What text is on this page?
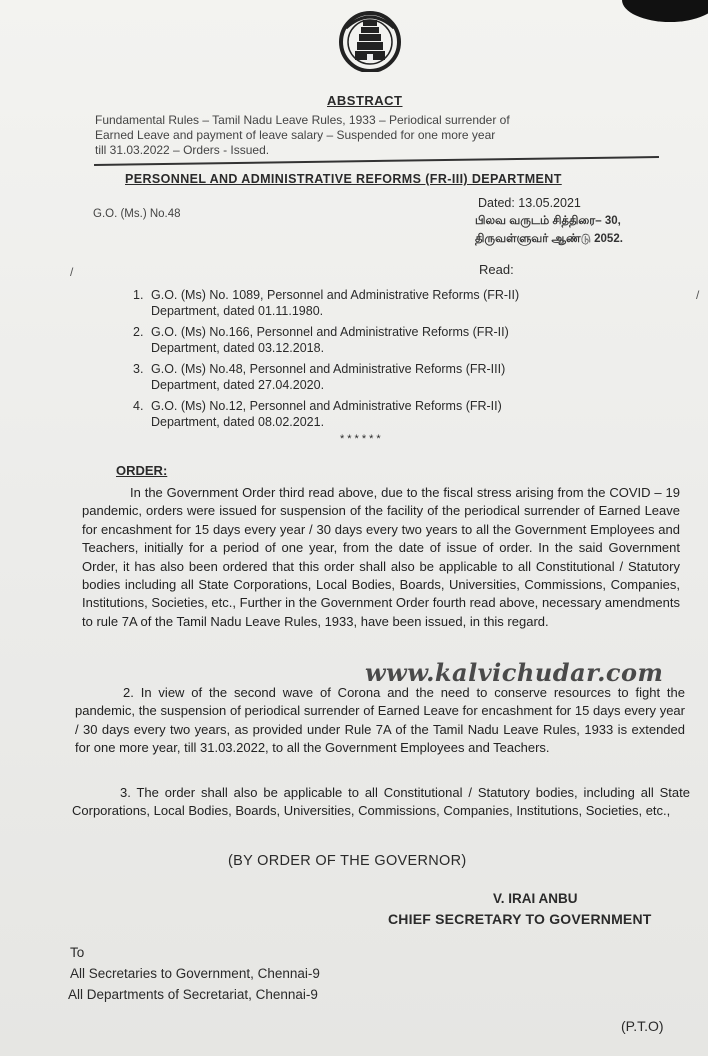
ABSTRACT
Fundamental Rules – Tamil Nadu Leave Rules, 1933 – Periodical surrender of
Earned Leave and payment of leave salary – Suspended for one more year
till 31.03.2022 – Orders - Issued.
PERSONNEL AND ADMINISTRATIVE REFORMS (FR-III) DEPARTMENT
G.O. (Ms.) No.48
Dated: 13.05.2021
பிலவ வருடம் சித்திரை– 30,
திருவள்ளுவர் ஆண்டு 2052.
Read:
1. G.O. (Ms) No. 1089, Personnel and Administrative Reforms (FR-II)
Department, dated 01.11.1980.
2. G.O. (Ms) No.166, Personnel and Administrative Reforms (FR-II)
Department, dated 03.12.2018.
3. G.O. (Ms) No.48, Personnel and Administrative Reforms (FR-III)
Department, dated 27.04.2020.
4. G.O. (Ms) No.12, Personnel and Administrative Reforms (FR-II)
Department, dated 08.02.2021.
******
ORDER:
In the Government Order third read above, due to the fiscal stress arising from the COVID – 19 pandemic, orders were issued for suspension of the facility of the periodical surrender of Earned Leave for encashment for 15 days every year / 30 days every two years to all the Government Employees and Teachers, initially for a period of one year, from the date of issue of order. In the said Government Order, it has also been ordered that this order shall also be applicable to all Constitutional / Statutory bodies including all State Corporations, Local Bodies, Boards, Universities, Commissions, Companies, Institutions, Societies, etc., Further in the Government Order fourth read above, necessary amendments to rule 7A of the Tamil Nadu Leave Rules, 1933, have been issued, in this regard.
2. In view of the second wave of Corona and the need to conserve resources to fight the pandemic, the suspension of periodical surrender of Earned Leave for encashment for 15 days every year / 30 days every two years, as provided under Rule 7A of the Tamil Nadu Leave Rules, 1933 is extended for one more year, till 31.03.2022, to all the Government Employees and Teachers.
3. The order shall also be applicable to all Constitutional / Statutory bodies, including all State Corporations, Local Bodies, Boards, Universities, Commissions, Companies, Institutions, Societies, etc.,
www.kalvichudar.com
(BY ORDER OF THE GOVERNOR)
V. IRAI ANBU
CHIEF SECRETARY TO GOVERNMENT
To
All Secretaries to Government, Chennai-9
All Departments of Secretariat, Chennai-9
(P.T.O)
/
/
